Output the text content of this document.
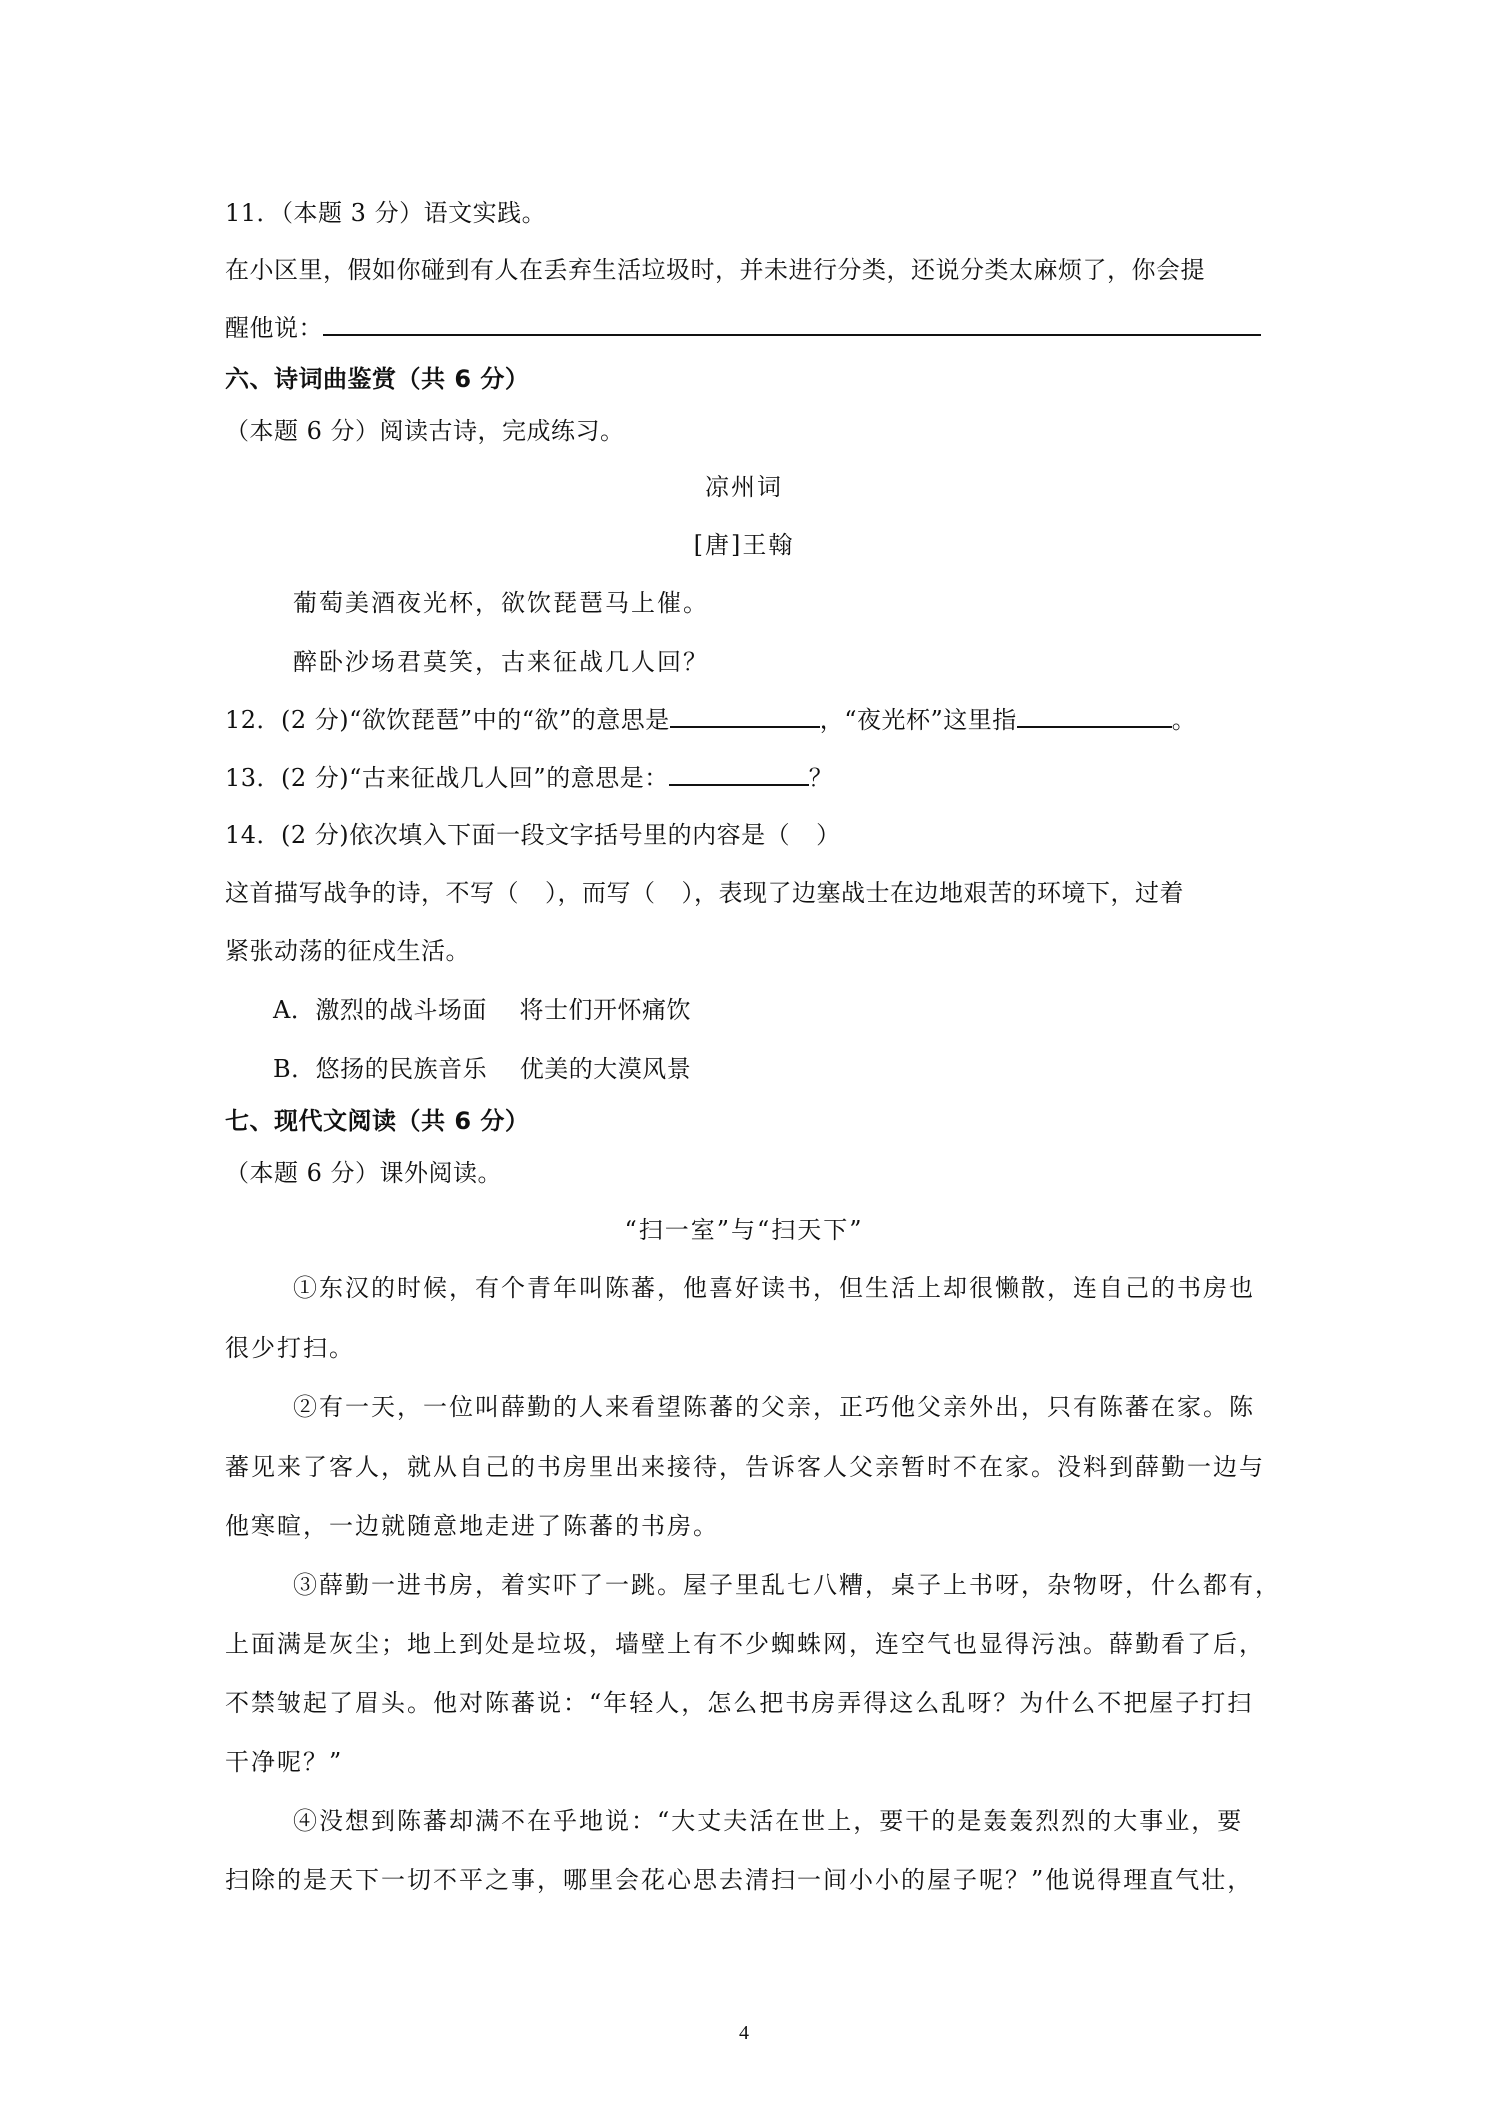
11．（本题 3 分）语文实践。
在小区里，假如你碰到有人在丢弃生活垃圾时，并未进行分类，还说分类太麻烦了，你会提
醒他说：
六、诗词曲鉴赏（共 6 分）
（本题 6 分）阅读古诗，完成练习。
凉州词
[唐]王翰
葡萄美酒夜光杯，欲饮琵琶马上催。
醉卧沙场君莫笑，古来征战几人回？
12．(2 分)“欲饮琵琶”中的“欲”的意思是	，“夜光杯”这里指	。
13．(2 分)“古来征战几人回”的意思是：	？
14．(2 分)依次填入下面一段文字括号里的内容是（ ）
这首描写战争的诗，不写（ ），而写（ ），表现了边塞战士在边地艰苦的环境下，过着
紧张动荡的征戍生活。
A．激烈的战斗场面　 将士们开怀痛饮
B．悠扬的民族音乐　 优美的大漠风景
七、现代文阅读（共 6 分）
（本题 6 分）课外阅读。
“扫一室”与“扫天下”
①东汉的时候，有个青年叫陈蕃，他喜好读书，但生活上却很懒散，连自己的书房也
很少打扫。
②有一天，一位叫薛勤的人来看望陈蕃的父亲，正巧他父亲外出，只有陈蕃在家。陈
蕃见来了客人，就从自己的书房里出来接待，告诉客人父亲暂时不在家。没料到薛勤一边与
他寒暄，一边就随意地走进了陈蕃的书房。
③薛勤一进书房，着实吓了一跳。屋子里乱七八糟，桌子上书呀，杂物呀，什么都有，
上面满是灰尘；地上到处是垃圾，墙壁上有不少蜘蛛网，连空气也显得污浊。薛勤看了后，
不禁皱起了眉头。他对陈蕃说：“年轻人，怎么把书房弄得这么乱呀？为什么不把屋子打扫
干净呢？”
④没想到陈蕃却满不在乎地说：“大丈夫活在世上，要干的是轰轰烈烈的大事业，要
扫除的是天下一切不平之事，哪里会花心思去清扫一间小小的屋子呢？”他说得理直气壮，
4
